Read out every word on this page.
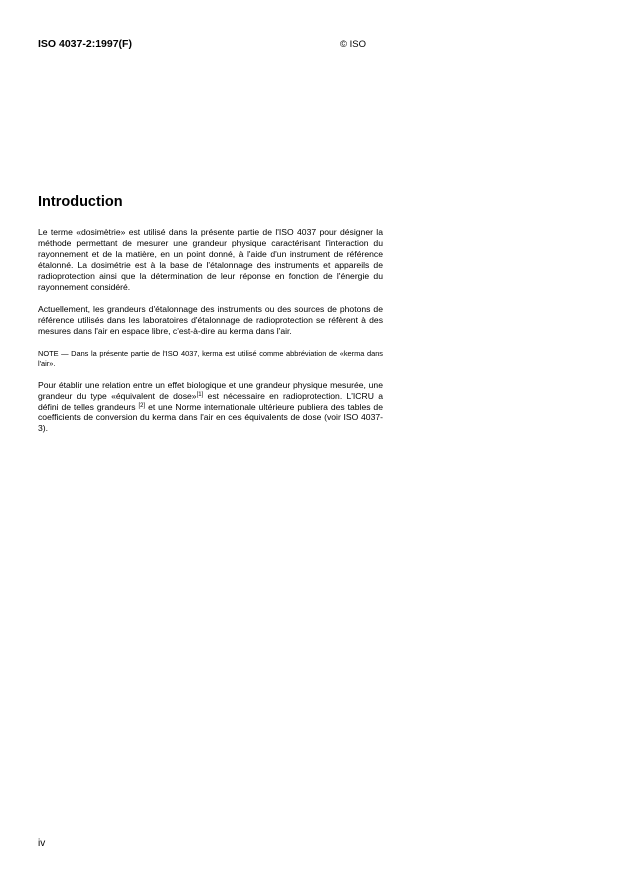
ISO 4037-2:1997(F)	© ISO
Introduction

Le terme «dosimètrie» est utilisé dans la présente partie de l'ISO 4037 pour désigner la méthode permettant de mesurer une grandeur physique caractérisant l'interaction du rayonnement et de la matière, en un point donné, à l'aide d'un instrument de référence étalonné. La dosimétrie est à la base de l'étalonnage des instruments et appareils de radioprotection ainsi que la détermination de leur réponse en fonction de l'énergie du rayonnement considéré.

Actuellement, les grandeurs d'étalonnage des instruments ou des sources de photons de référence utilisés dans les laboratoires d'étalonnage de radioprotection se réfèrent à des mesures dans l'air en espace libre, c'est-à-dire au kerma dans l'air.

NOTE — Dans la présente partie de l'ISO 4037, kerma est utilisé comme abbréviation de «kerma dans l'air».

Pour établir une relation entre un effet biologique et une grandeur physique mesurée, une grandeur du type «équivalent de dose»[1] est nécessaire en radioprotection. L'ICRU a défini de telles grandeurs [2] et une Norme internationale ultérieure publiera des tables de coefficients de conversion du kerma dans l'air en ces équivalents de dose (voir ISO 4037-3).

iv
